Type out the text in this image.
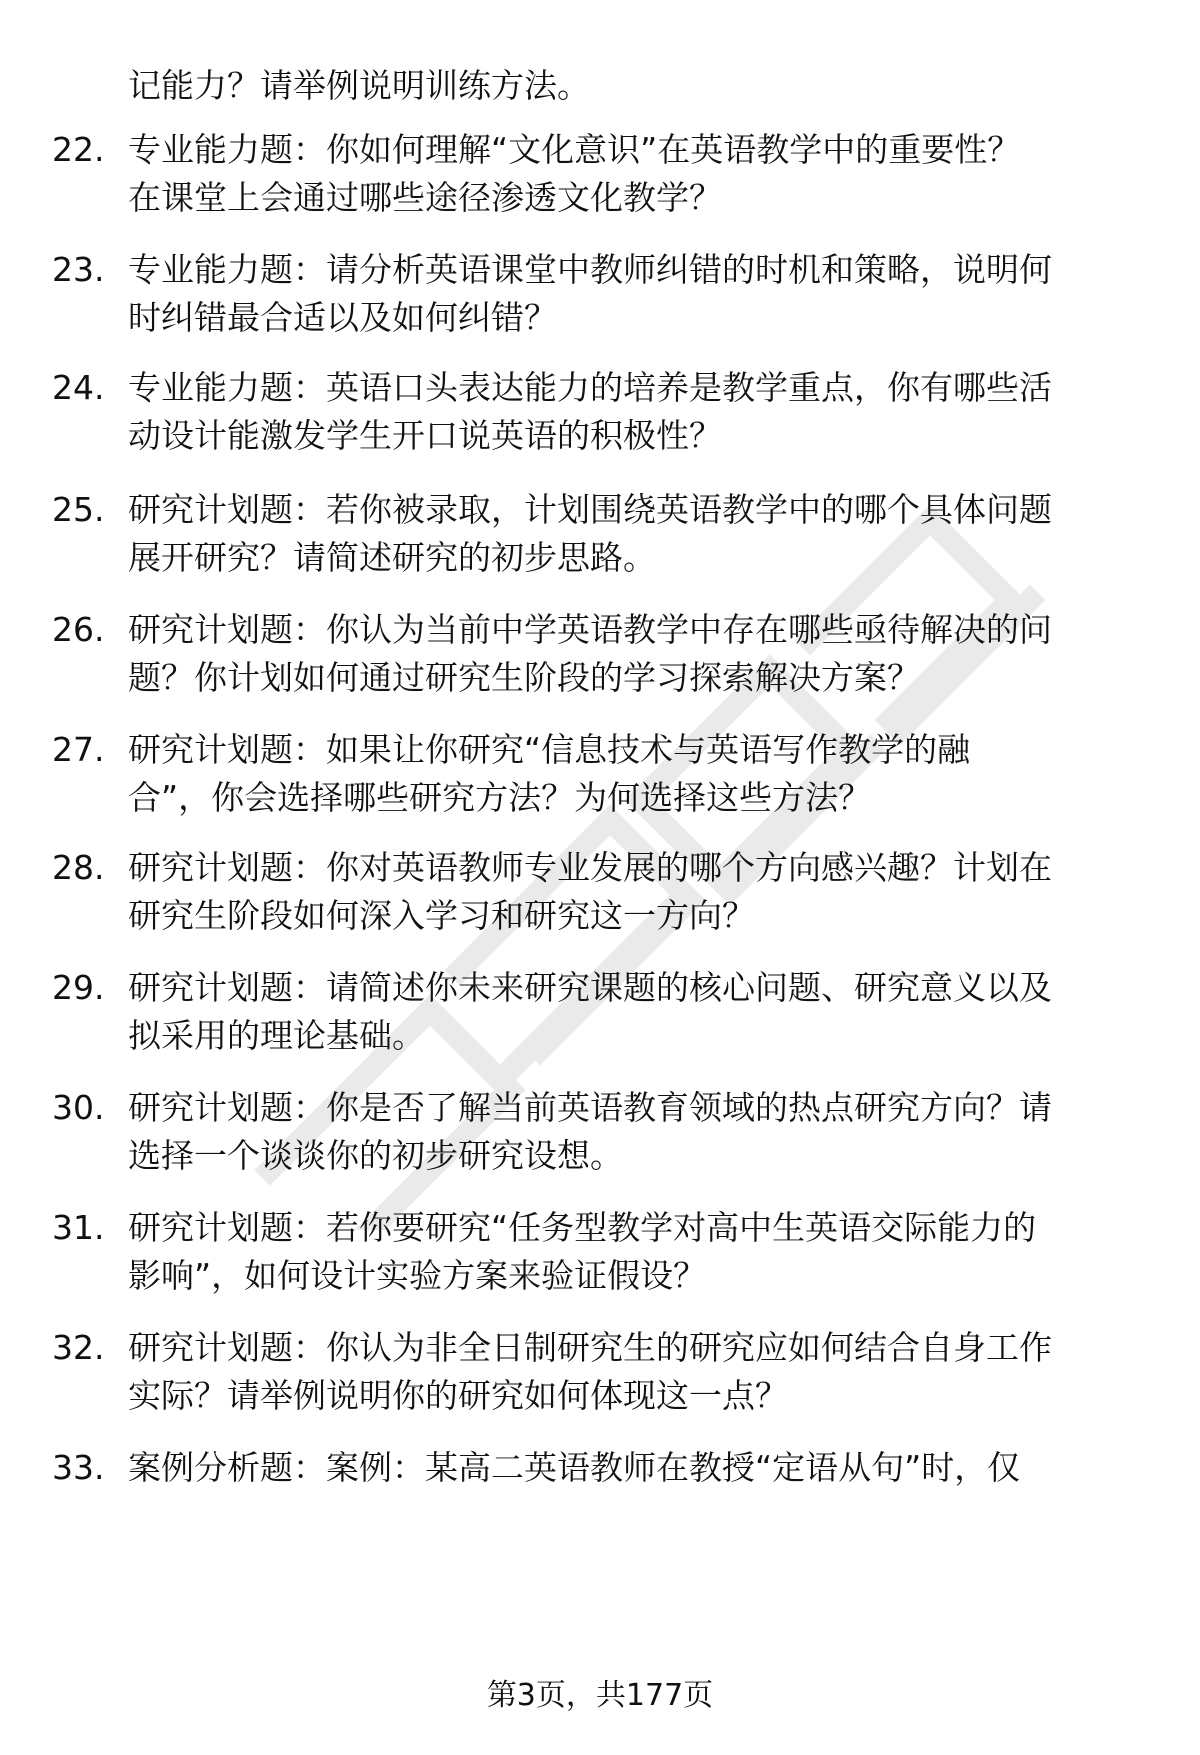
记能力？请举例说明训练方法。
22. 专业能力题：你如何理解“文化意识”在英语教学中的重要性？
在课堂上会通过哪些途径渗透文化教学？
23. 专业能力题：请分析英语课堂中教师纠错的时机和策略，说明何
时纠错最合适以及如何纠错？
24. 专业能力题：英语口头表达能力的培养是教学重点，你有哪些活
动设计能激发学生开口说英语的积极性？
25. 研究计划题：若你被录取，计划围绕英语教学中的哪个具体问题
展开研究？请简述研究的初步思路。
26. 研究计划题：你认为当前中学英语教学中存在哪些亟待解决的问
题？你计划如何通过研究生阶段的学习探索解决方案？
27. 研究计划题：如果让你研究“信息技术与英语写作教学的融
合”，你会选择哪些研究方法？为何选择这些方法？
28. 研究计划题：你对英语教师专业发展的哪个方向感兴趣？计划在
研究生阶段如何深入学习和研究这一方向？
29. 研究计划题：请简述你未来研究课题的核心问题、研究意义以及
拟采用的理论基础。
30. 研究计划题：你是否了解当前英语教育领域的热点研究方向？请
选择一个谈谈你的初步研究设想。
31. 研究计划题：若你要研究“任务型教学对高中生英语交际能力的
影响”，如何设计实验方案来验证假设？
32. 研究计划题：你认为非全日制研究生的研究应如何结合自身工作
实际？请举例说明你的研究如何体现这一点？
33. 案例分析题：案例：某高二英语教师在教授“定语从句”时，仅
第3页，共177页
